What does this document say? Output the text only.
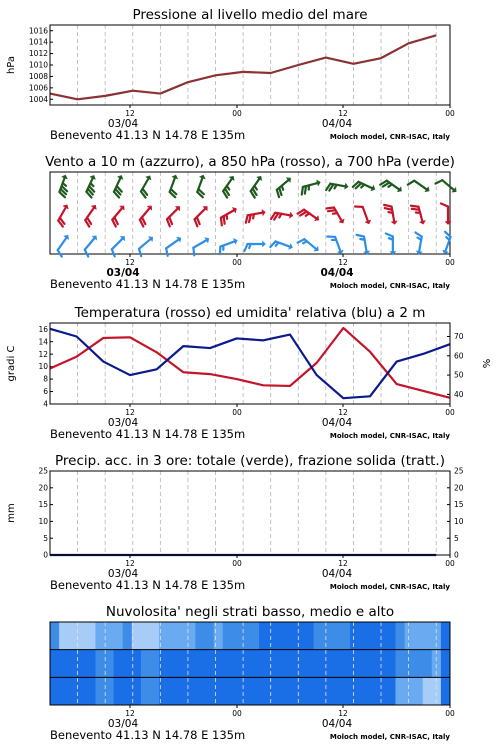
Pressione al livello medio del mare
1004
1006
1008
1010
1012
1014
1016
hPa
12	00	12	00
03/04	04/04
Benevento 41.13 N 14.78 E 135m	Moloch model, CNR-ISAC, Italy
Vento a 10 m (azzurro), a 850 hPa (rosso), a 700 hPa (verde)
12	00	12	00
03/04	04/04
Benevento 41.13 N 14.78 E 135m	Moloch model, CNR-ISAC, Italy
Temperatura (rosso) ed umidita' relativa (blu) a 2 m
4
6
8
10
12
14
16
40
50
60
70
gradi C	%
12	00	12	00
03/04	04/04
Benevento 41.13 N 14.78 E 135m	Moloch model, CNR-ISAC, Italy
Precip. acc. in 3 ore: totale (verde), frazione solida (tratt.)
0
5
10
15
20
25
0
5
10
15
20
25
mm
12	00	12	00
03/04	04/04
Benevento 41.13 N 14.78 E 135m	Moloch model, CNR-ISAC, Italy
Nuvolosita' negli strati basso, medio e alto
12	00	12	00
03/04	04/04
Benevento 41.13 N 14.78 E 135m	Moloch model, CNR-ISAC, Italy
